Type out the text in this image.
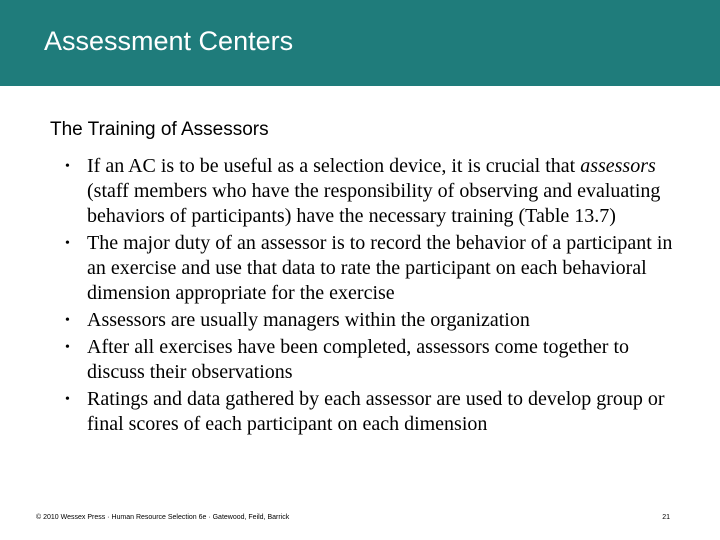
Assessment Centers
The Training of Assessors
• If an AC is to be useful as a selection device, it is crucial that assessors (staff members who have the responsibility of observing and evaluating behaviors of participants) have the necessary training (Table 13.7)
• The major duty of an assessor is to record the behavior of a participant in an exercise and use that data to rate the participant on each behavioral dimension appropriate for the exercise
• Assessors are usually managers within the organization
• After all exercises have been completed, assessors come together to discuss their observations
• Ratings and data gathered by each assessor are used to develop group or final scores of each participant on each dimension
© 2010 Wessex Press · Human Resource Selection 6e · Gatewood, Feild, Barrick	21
